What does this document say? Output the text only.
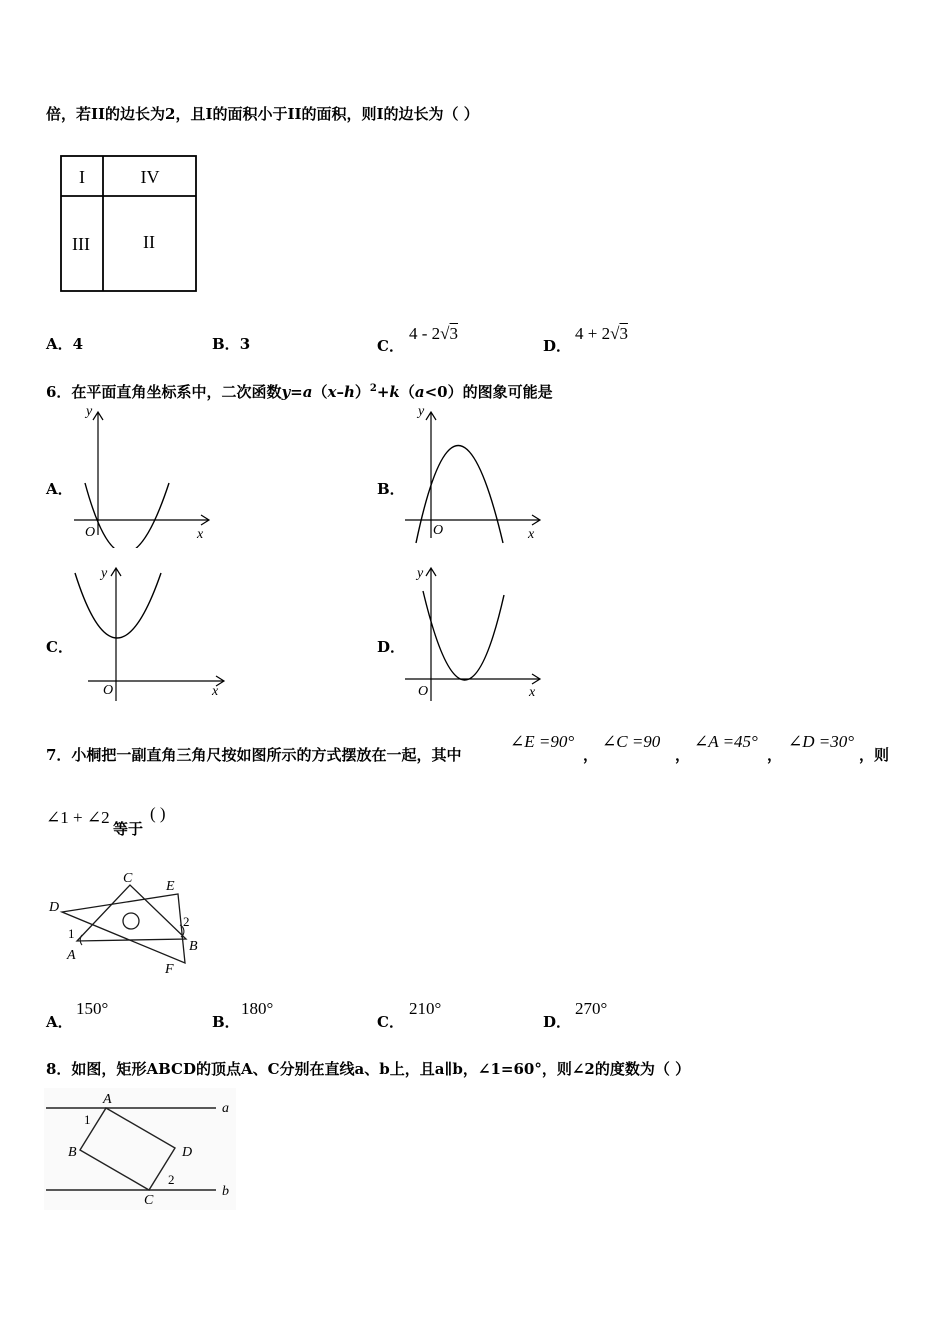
倍，若II的边长为2，且I的面积小于II的面积，则I的边长为（ ）
I	IV
III	II
A．4	B．3	C．
4 - 2√3
D．
4 + 2√3
6．在平面直角坐标系中，二次函数$y=a(x-h)^2+k(a<0)$的图象可能是
A．
y
x
O
B．
y
x
O
C．
y
x
O
D．
y
x
O
7．小桐把一副直角三角尺按如图所示的方式摆放在一起，其中
∠E =90°
，
∠C =90
，
∠A =45°
，
∠D =30°
，则
∠1 + ∠2
等于
( )
C
E
D
1
2
B
A
F
A．
150°
B．
180°
C．
210°
D．
270°
8．如图，矩形ABCD的顶点A、C分别在直线a、b上，且a∥b，∠1=60°，则∠2的度数为（ ）
A
1
B	D
2
C
a
b
